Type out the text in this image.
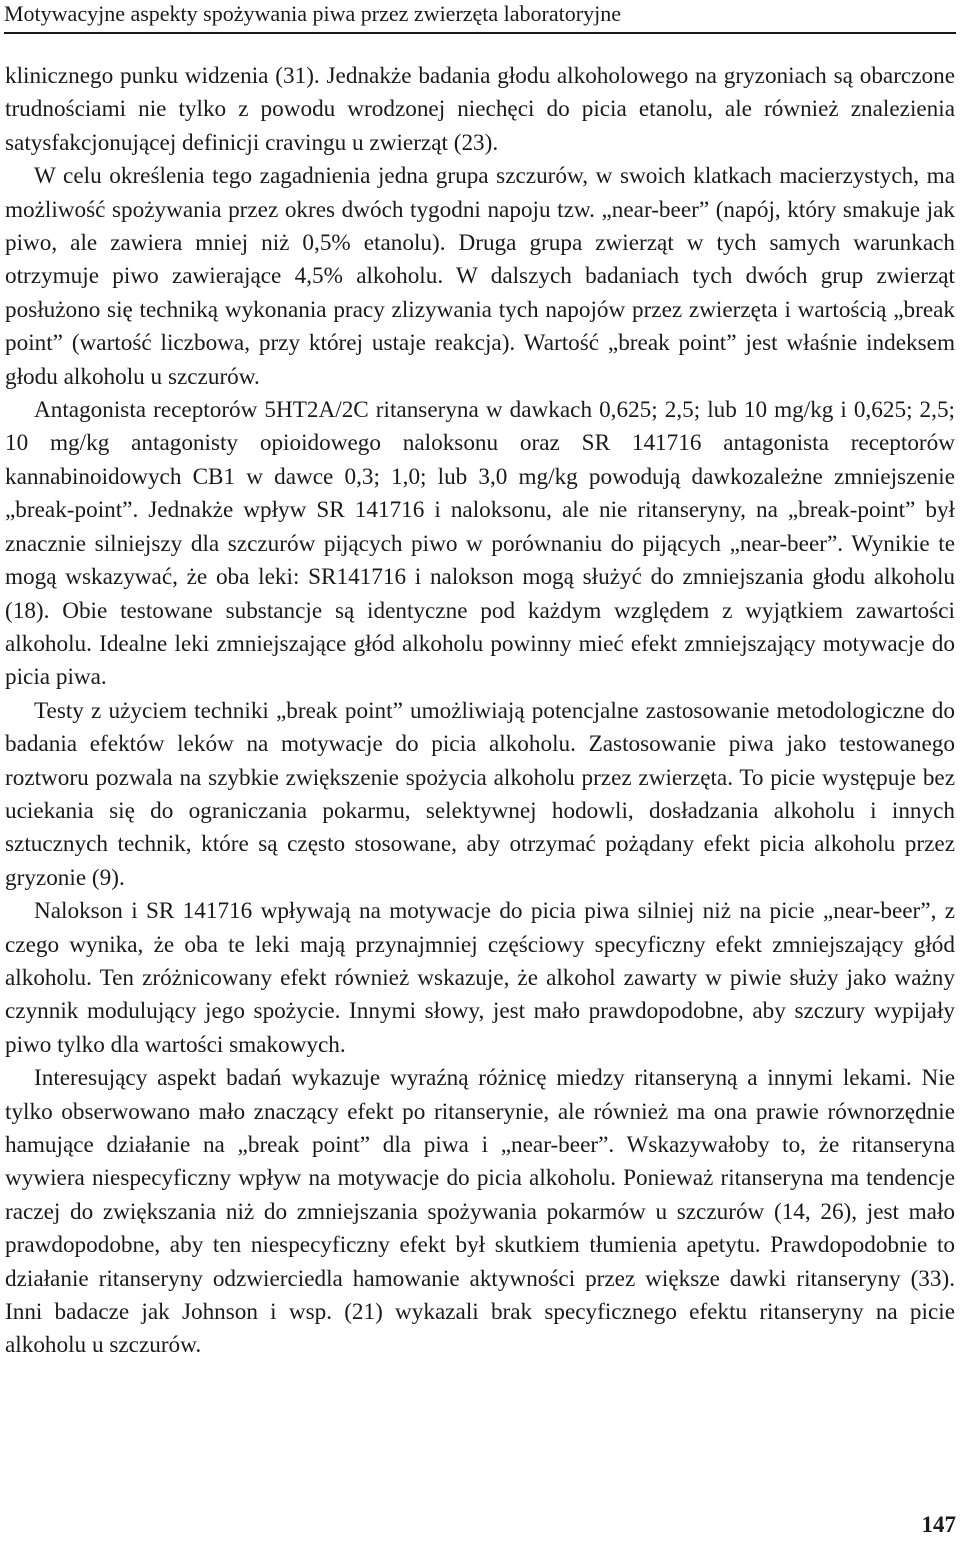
Motywacyjne aspekty spożywania piwa przez zwierzęta laboratoryjne

klinicznego punku widzenia (31). Jednakże badania głodu alkoholowego na gryzoniach są obarczone trudnościami nie tylko z powodu wrodzonej niechęci do picia etanolu, ale również znalezienia satysfakcjonującej definicji cravingu u zwierząt (23).

W celu określenia tego zagadnienia jedna grupa szczurów, w swoich klatkach macierzystych, ma możliwość spożywania przez okres dwóch tygodni napoju tzw. „near-beer” (napój, który smakuje jak piwo, ale zawiera mniej niż 0,5% etanolu). Druga grupa zwierząt w tych samych warunkach otrzymuje piwo zawierające 4,5% alkoholu. W dalszych badaniach tych dwóch grup zwierząt posłużono się techniką wykonania pracy zlizywania tych napojów przez zwierzęta i wartością „break point” (wartość liczbowa, przy której ustaje reakcja). Wartość „break point” jest właśnie indeksem głodu alkoholu u szczurów.

Antagonista receptorów 5HT2A/2C ritanseryna w dawkach 0,625; 2,5; lub 10 mg/kg i 0,625; 2,5; 10 mg/kg antagonisty opioidowego naloksonu oraz SR 141716 antagonista receptorów kannabinoidowych CB1 w dawce 0,3; 1,0; lub 3,0 mg/kg powodują dawkozależne zmniejszenie „break-point”. Jednakże wpływ SR 141716 i naloksonu, ale nie ritanseryny, na „break-point” był znacznie silniejszy dla szczurów pijących piwo w porównaniu do pijących „near-beer”. Wynikie te mogą wskazywać, że oba leki: SR141716 i nalokson mogą służyć do zmniejszania głodu alkoholu (18). Obie testowane substancje są identyczne pod każdym względem z wyjątkiem zawartości alkoholu. Idealne leki zmniejszające głód alkoholu powinny mieć efekt zmniejszający motywacje do picia piwa.

Testy z użyciem techniki „break point” umożliwiają potencjalne zastosowanie metodologiczne do badania efektów leków na motywacje do picia alkoholu. Zastosowanie piwa jako testowanego roztworu pozwala na szybkie zwiększenie spożycia alkoholu przez zwierzęta. To picie występuje bez uciekania się do ograniczania pokarmu, selektywnej hodowli, dosładzania alkoholu i innych sztucznych technik, które są często stosowane, aby otrzymać pożądany efekt picia alkoholu przez gryzonie (9).

Nalokson i SR 141716 wpływają na motywacje do picia piwa silniej niż na picie „near-beer”, z czego wynika, że oba te leki mają przynajmniej częściowy specyficzny efekt zmniejszający głód alkoholu. Ten zróżnicowany efekt również wskazuje, że alkohol zawarty w piwie służy jako ważny czynnik modulujący jego spożycie. Innymi słowy, jest mało prawdopodobne, aby szczury wypijały piwo tylko dla wartości smakowych.

Interesujący aspekt badań wykazuje wyraźną różnicę miedzy ritanseryną a innymi lekami. Nie tylko obserwowano mało znaczący efekt po ritanserynie, ale również ma ona prawie równorzędnie hamujące działanie na „break point” dla piwa i „near-beer”. Wskazywałoby to, że ritanseryna wywiera niespecyficzny wpływ na motywacje do picia alkoholu. Ponieważ ritanseryna ma tendencje raczej do zwiększania niż do zmniejszania spożywania pokarmów u szczurów (14, 26), jest mało prawdopodobne, aby ten niespecyficzny efekt był skutkiem tłumienia apetytu. Prawdopodobnie to działanie ritanseryny odzwierciedla hamowanie aktywności przez większe dawki ritanseryny (33). Inni badacze jak Johnson i wsp. (21) wykazali brak specyficznego efektu ritanseryny na picie alkoholu u szczurów.

147
